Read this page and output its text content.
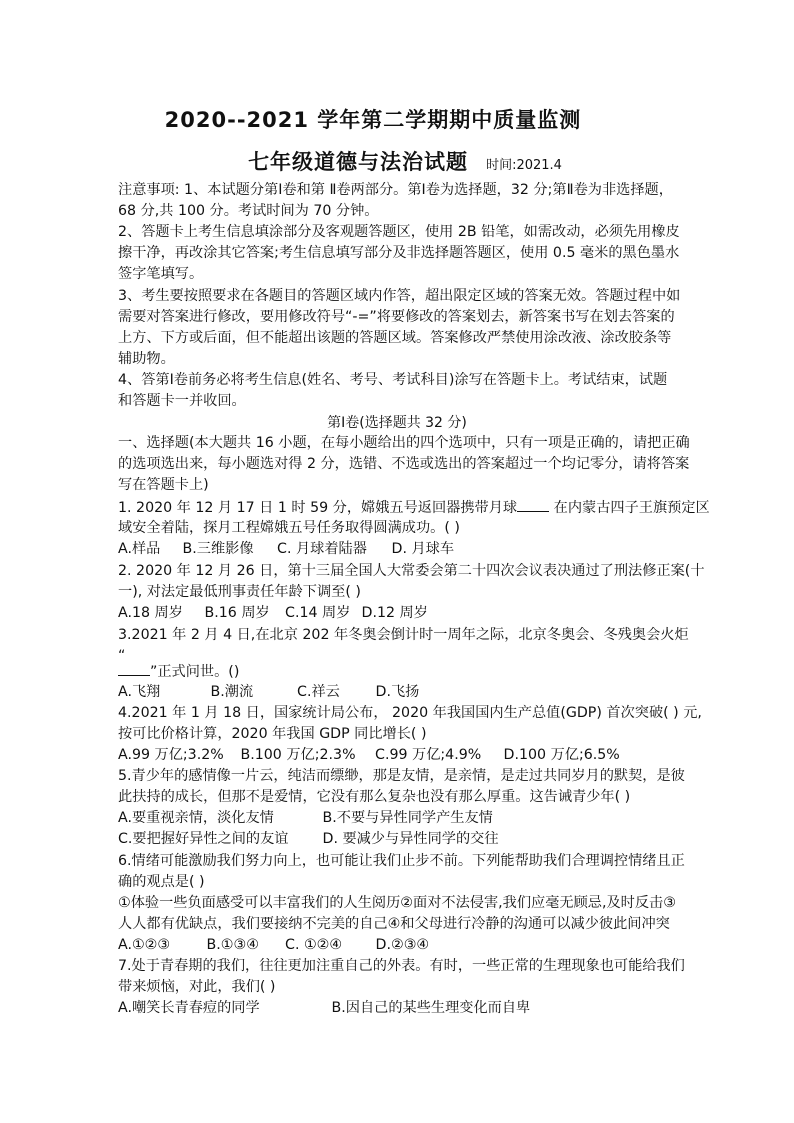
2020--2021 学年第二学期期中质量监测
七年级道德与法治试题 时间:2021.4
注意事项: 1、本试题分第Ⅰ卷和第 Ⅱ卷两部分。第Ⅰ卷为选择题，32 分;第Ⅱ卷为非选择题，
68 分,共 100 分。考试时间为 70 分钟。
2、答题卡上考生信息填涂部分及客观题答题区，使用 2B 铅笔，如需改动，必须先用橡皮
擦干净，再改涂其它答案;考生信息填写部分及非选择题答题区，使用 0.5 毫米的黑色墨水
签字笔填写。
3、考生要按照要求在各题目的答题区域内作答，超出限定区域的答案无效。答题过程中如
需要对答案进行修改，要用修改符号“-=”将要修改的答案划去，新答案书写在划去答案的
上方、下方或后面，但不能超出该题的答题区域。答案修改严禁使用涂改液、涂改胶条等
辅助物。
4、答第Ⅰ卷前务必将考生信息(姓名、考号、考试科目)涂写在答题卡上。考试结束，试题
和答题卡一并收回。
第Ⅰ卷(选择题共 32 分)
一、选择题(本大题共 16 小题，在每小题给出的四个选项中，只有一项是正确的，请把正确
的选项选出来，每小题选对得 2 分，选错、不选或选出的答案超过一个均记零分，请将答案
写在答题卡上)
1. 2020 年 12 月 17 日 1 时 59 分，嫦娥五号返回器携带月球	在内蒙古四子王旗预定区
域安全着陆，探月工程嫦娥五号任务取得圆满成功。( )
A.样品 B.三维影像 C. 月球着陆器 D. 月球车
2. 2020 年 12 月 26 日，第十三届全国人大常委会第二十四次会议表决通过了刑法修正案(十
一), 对法定最低刑事责任年龄下调至( )
A.18 周岁 B.16 周岁 C.14 周岁 D.12 周岁
3.2021 年 2 月 4 日,在北京 202 年冬奥会倒计时一周年之际，北京冬奥会、冬残奥会火炬
“
”正式问世。()
A.飞翔	B.潮流	C.祥云	D.飞扬
4.2021 年 1 月 18 日，国家统计局公布， 2020 年我国国内生产总值(GDP) 首次突破( ) 元,
按可比价格计算，2020 年我国 GDP 同比增长( )
A.99 万亿;3.2% B.100 万亿;2.3% C.99 万亿;4.9% D.100 万亿;6.5%
5.青少年的感情像一片云，纯洁而缥缈，那是友情，是亲情，是走过共同岁月的默契，是彼
此扶持的成长，但那不是爱情，它没有那么复杂也没有那么厚重。这告诫青少年( )
A.要重视亲情，淡化友情	B.不要与异性同学产生友情
C.要把握好异性之间的友谊 D. 要减少与异性同学的交往
6.情绪可能激励我们努力向上，也可能让我们止步不前。下列能帮助我们合理调控情绪且正
确的观点是( )
①体验一些负面感受可以丰富我们的人生阅历②面对不法侵害,我们应毫无顾忌,及时反击③
人人都有优缺点，我们要接纳不完美的自己④和父母进行冷静的沟通可以减少彼此间冲突
A.①②③	B.①③④ C. ①②④ D.②③④
7.处于青春期的我们，往往更加注重自己的外表。有时，一些正常的生理现象也可能给我们
带来烦恼，对此，我们( )
A.嘲笑长青春痘的同学	B.因自己的某些生理变化而自卑
